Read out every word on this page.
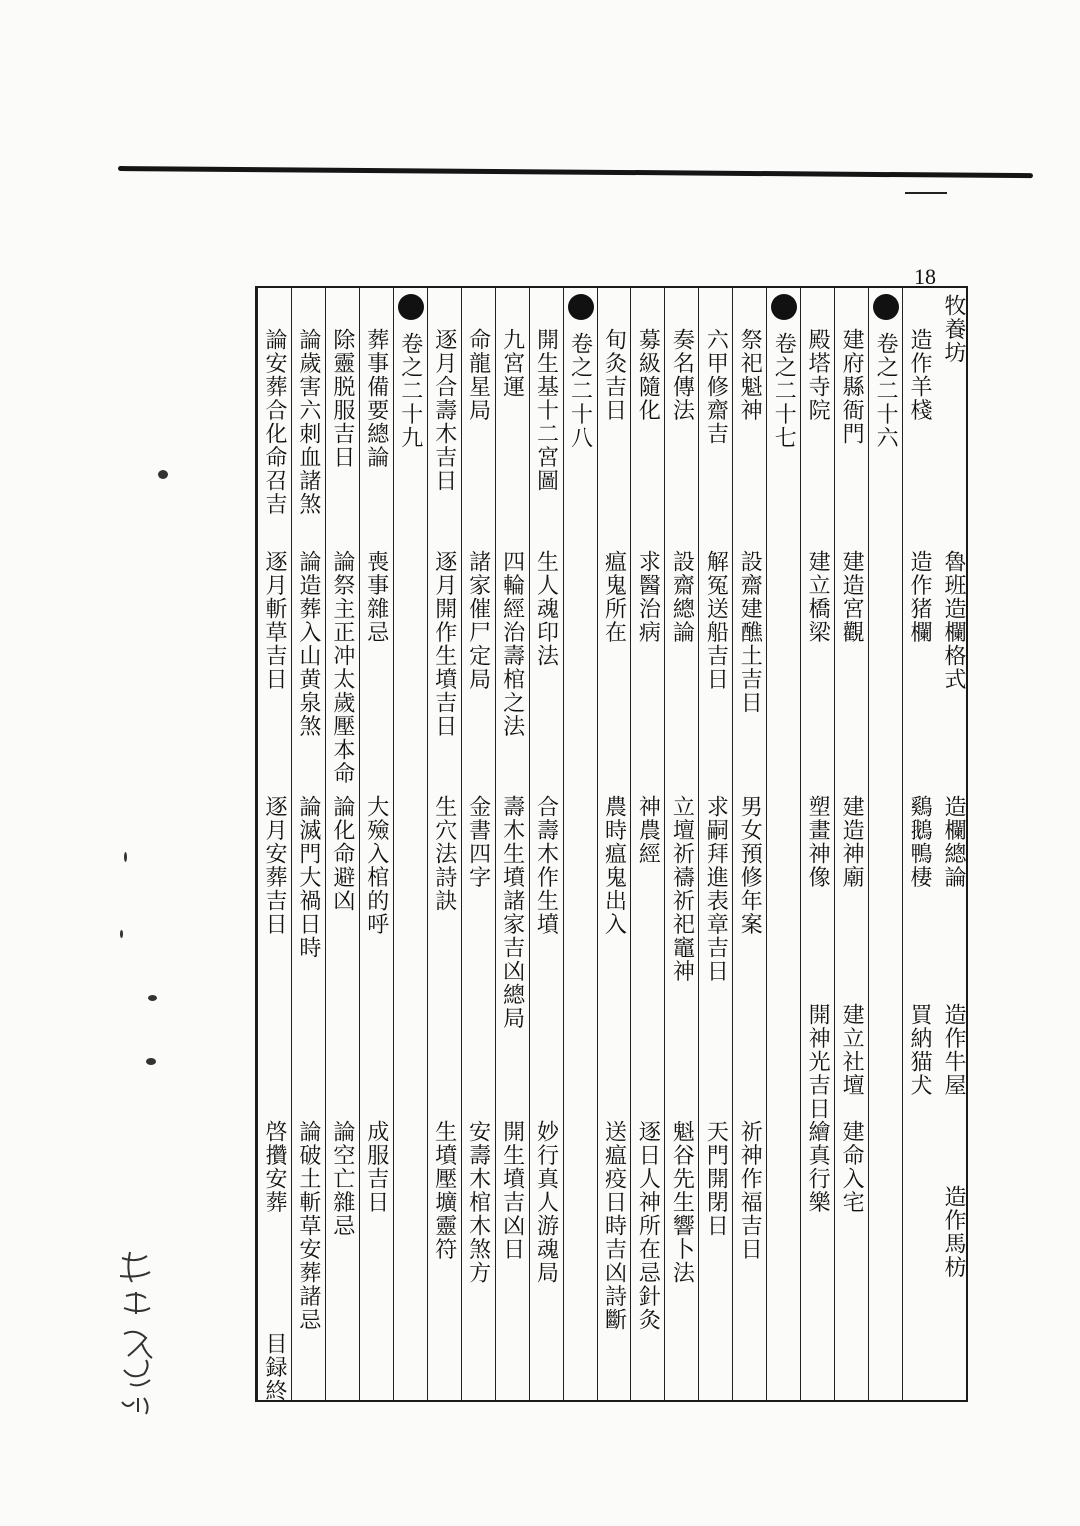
18
牧養坊
魯班造欄格式
造欄總論
造作牛屋
造作馬枋
造作羊棧
造作猪欄
鷄鵝鴨棲
買納猫犬
卷之二十六
建府縣衙門
建造宮觀
建造神廟
建立社壇
建命入宅
殿塔寺院
建立橋梁
塑畫神像
開神光吉日
繪真行樂
卷之二十七
祭祀魁神
設齋建醮土吉日
男女預修年案
祈神作福吉日
六甲修齋吉
解冤送船吉日
求嗣拜進表章吉日
天門開閉日
奏名傳法
設齋總論
立壇祈禱祈祀竈神
魁谷先生響卜法
募級隨化
求醫治病
神農經
逐日人神所在忌針灸
旬灸吉日
瘟鬼所在
農時瘟鬼出入
送瘟疫日時吉凶詩斷
卷之二十八
開生基十二宮圖
生人魂印法
合壽木作生墳
妙行真人游魂局
九宮運
四輪經治壽棺之法
壽木生墳諸家吉凶總局
開生墳吉凶日
命龍星局
諸家催尸定局
金書四字
安壽木棺木煞方
逐月合壽木吉日
逐月開作生墳吉日
生穴法詩訣
生墳壓壙靈符
卷之二十九
葬事備要總論
喪事雜忌
大殮入棺的呼
成服吉日
除靈脱服吉日
論祭主正冲太歲壓本命
論化命避凶
論空亡雜忌
論歲害六刺血諸煞
論造葬入山黄泉煞
論滅門大禍日時
論破土斬草安葬諸忌
論安葬合化命召吉
逐月斬草吉日
逐月安葬吉日
啓攢安葬
目録終
